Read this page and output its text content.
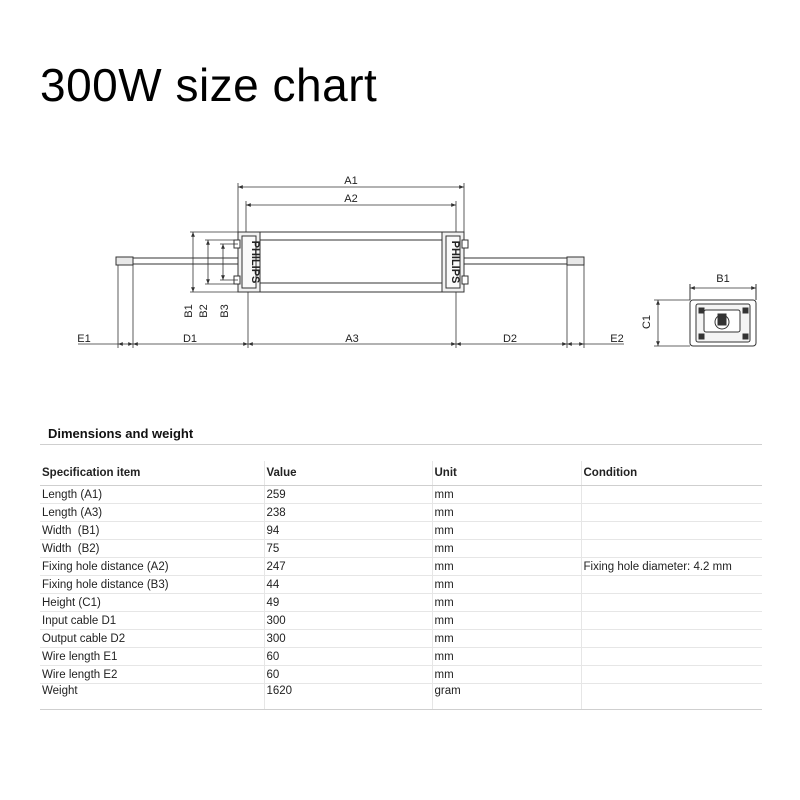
300W size chart
PHILIPS	PHILIPS
A1
A2
B1 B2 B3
E1	D1	A3	D2	E2
B1
C1
Dimensions and weight
Specification item	Value	Unit	Condition
Length (A1)	259	mm	
Length (A3)	238	mm	
Width  (B1)	94	mm	
Width  (B2)	75	mm	
Fixing hole distance (A2)	247	mm	Fixing hole diameter: 4.2 mm
Fixing hole distance (B3)	44	mm	
Height (C1)	49	mm	
Input cable D1	300	mm	
Output cable D2	300	mm	
Wire length E1	60	mm	
Wire length E2	60	mm	
Weight	1620	gram	
